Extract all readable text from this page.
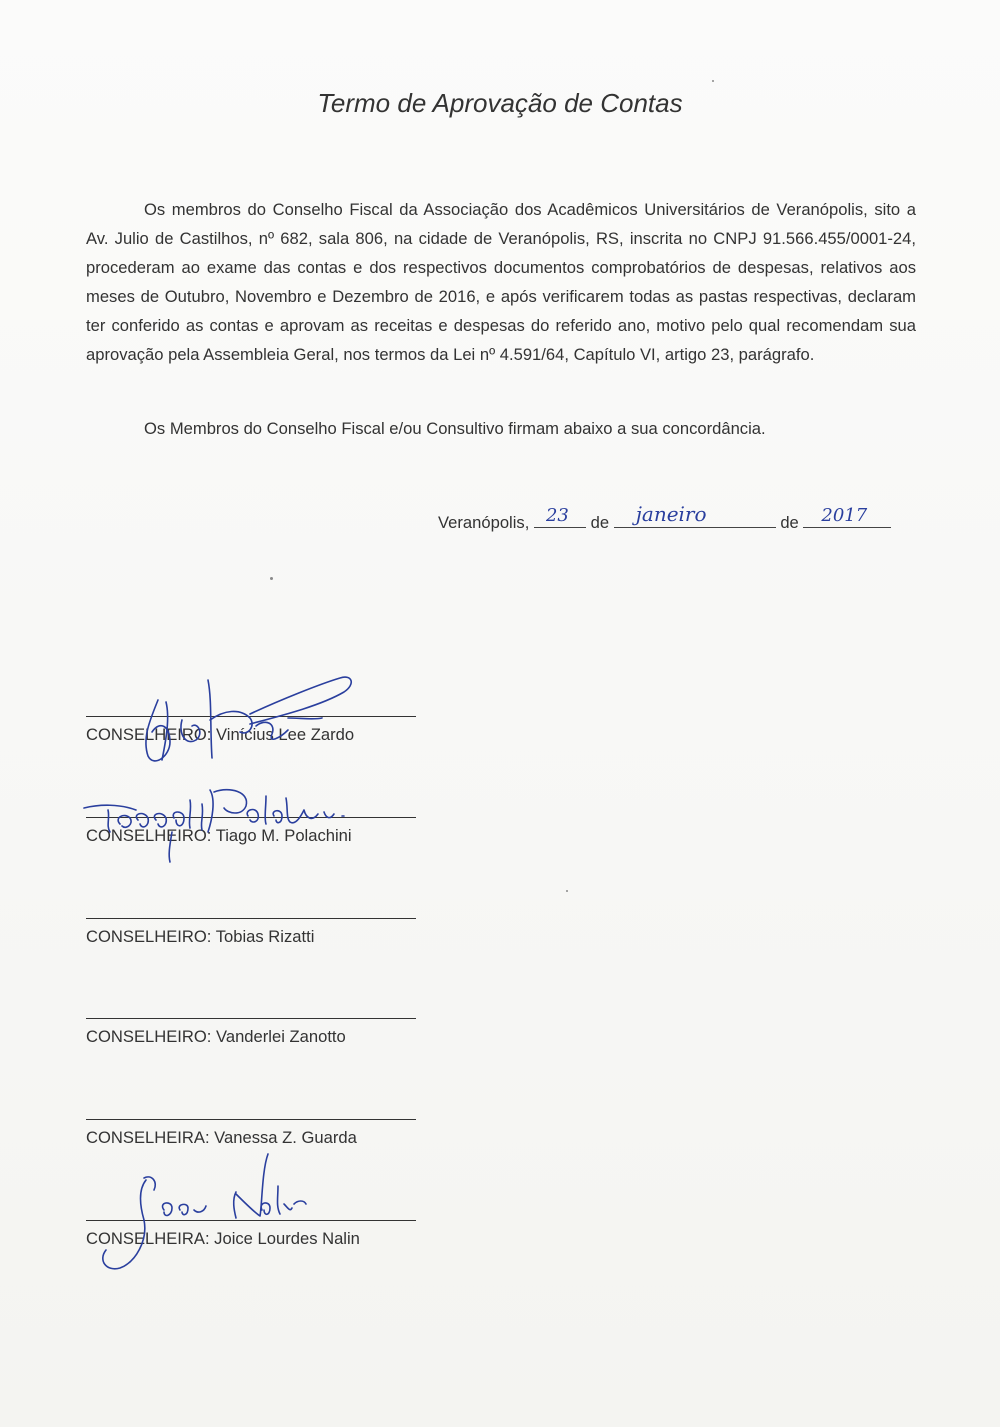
Termo de Aprovação de Contas

Os membros do Conselho Fiscal da Associação dos Acadêmicos Universitários de Veranópolis, sito a Av. Julio de Castilhos, nº 682, sala 806, na cidade de Veranópolis, RS, inscrita no CNPJ 91.566.455/0001-24, procederam ao exame das contas e dos respectivos documentos comprobatórios de despesas, relativos aos meses de Outubro, Novembro e Dezembro de 2016, e após verificarem todas as pastas respectivas, declaram ter conferido as contas e aprovam as receitas e despesas do referido ano, motivo pelo qual recomendam sua aprovação pela Assembleia Geral, nos termos da Lei nº 4.591/64, Capítulo VI, artigo 23, parágrafo.

Os Membros do Conselho Fiscal e/ou Consultivo firmam abaixo a sua concordância.

Veranópolis, 23 de janeiro	de 2017
CONSELHEIRO: Vinícius Lee Zardo
CONSELHEIRO: Tiago M. Polachini
CONSELHEIRO: Tobias Rizatti
CONSELHEIRO: Vanderlei Zanotto
CONSELHEIRA: Vanessa Z. Guarda
CONSELHEIRA: Joice Lourdes Nalin
